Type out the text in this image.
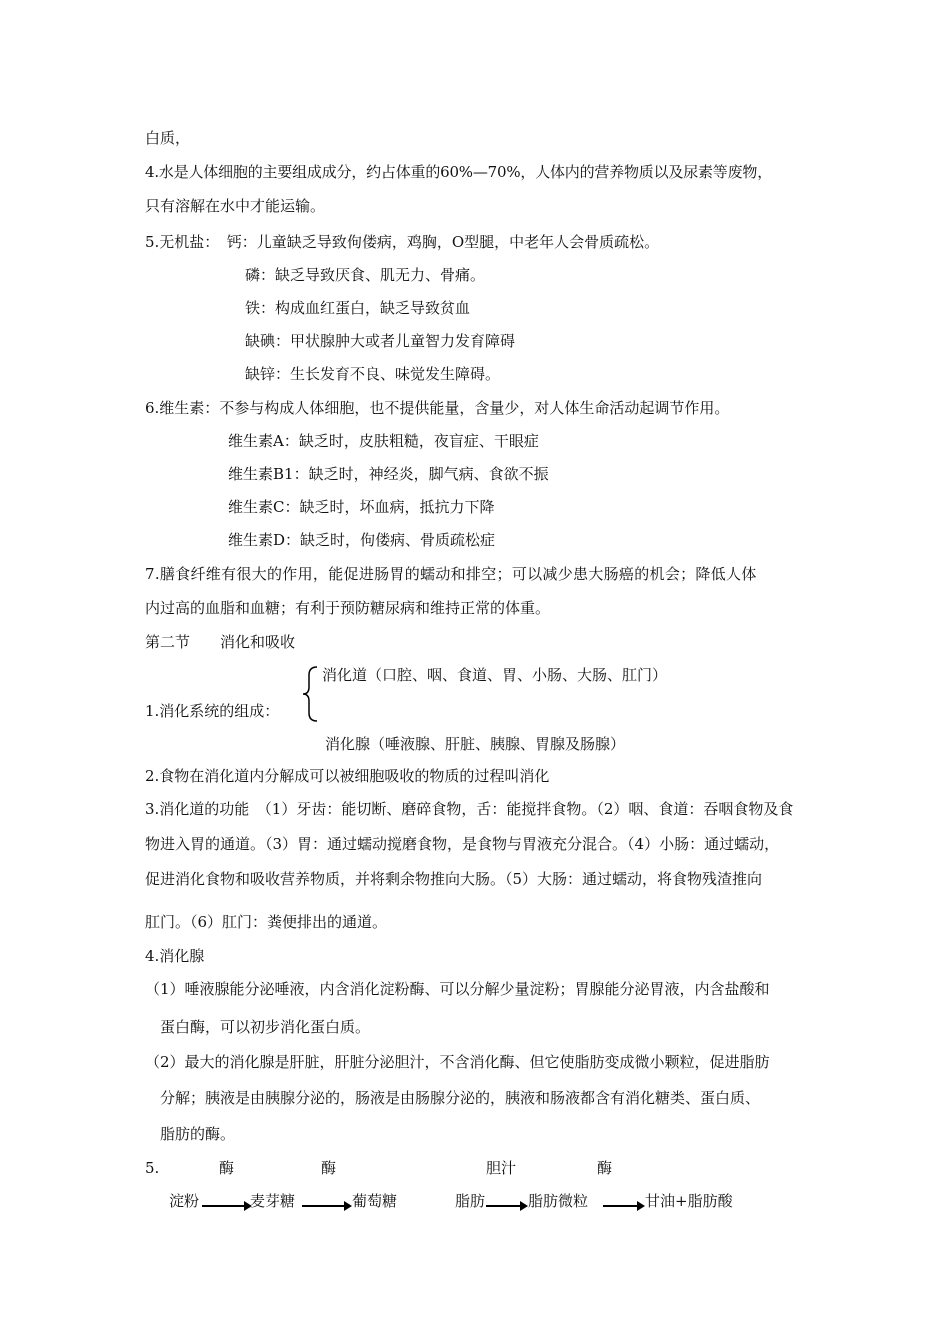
白质，
4.水是人体细胞的主要组成成分，约占体重的60%—70%，人体内的营养物质以及尿素等废物，
只有溶解在水中才能运输。
5.无机盐：　钙：儿童缺乏导致佝偻病，鸡胸，O型腿，中老年人会骨质疏松。
磷：缺乏导致厌食、肌无力、骨痛。
铁：构成血红蛋白，缺乏导致贫血
缺碘：甲状腺肿大或者儿童智力发育障碍
缺锌：生长发育不良、味觉发生障碍。
6.维生素：不参与构成人体细胞，也不提供能量，含量少，对人体生命活动起调节作用。
维生素A：缺乏时，皮肤粗糙，夜盲症、干眼症
维生素B1：缺乏时，神经炎，脚气病、食欲不振
维生素C：缺乏时，坏血病，抵抗力下降
维生素D：缺乏时，佝偻病、骨质疏松症
7.膳食纤维有很大的作用，能促进肠胃的蠕动和排空；可以减少患大肠癌的机会；降低人体
内过高的血脂和血糖；有利于预防糖尿病和维持正常的体重。
第二节　　消化和吸收
消化道（口腔、咽、食道、胃、小肠、大肠、肛门）
1.消化系统的组成：
消化腺（唾液腺、肝脏、胰腺、胃腺及肠腺）
2.食物在消化道内分解成可以被细胞吸收的物质的过程叫消化
3.消化道的功能　（1）牙齿：能切断、磨碎食物，舌：能搅拌食物。（2）咽、食道：吞咽食物及食
物进入胃的通道。（3）胃：通过蠕动搅磨食物，是食物与胃液充分混合。（4）小肠：通过蠕动，
促进消化食物和吸收营养物质，并将剩余物推向大肠。（5）大肠：通过蠕动，将食物残渣推向
肛门。（6）肛门：粪便排出的通道。
4.消化腺
（1）唾液腺能分泌唾液，内含消化淀粉酶、可以分解少量淀粉；胃腺能分泌胃液，内含盐酸和
蛋白酶，可以初步消化蛋白质。
（2）最大的消化腺是肝脏，肝脏分泌胆汁，不含消化酶、但它使脂肪变成微小颗粒，促进脂肪
分解；胰液是由胰腺分泌的，肠液是由肠腺分泌的，胰液和肠液都含有消化糖类、蛋白质、
脂肪的酶。
5.	酶	酶	胆汁	酶
淀粉	麦芽糖	葡萄糖	脂肪	脂肪微粒	甘油+脂肪酸
